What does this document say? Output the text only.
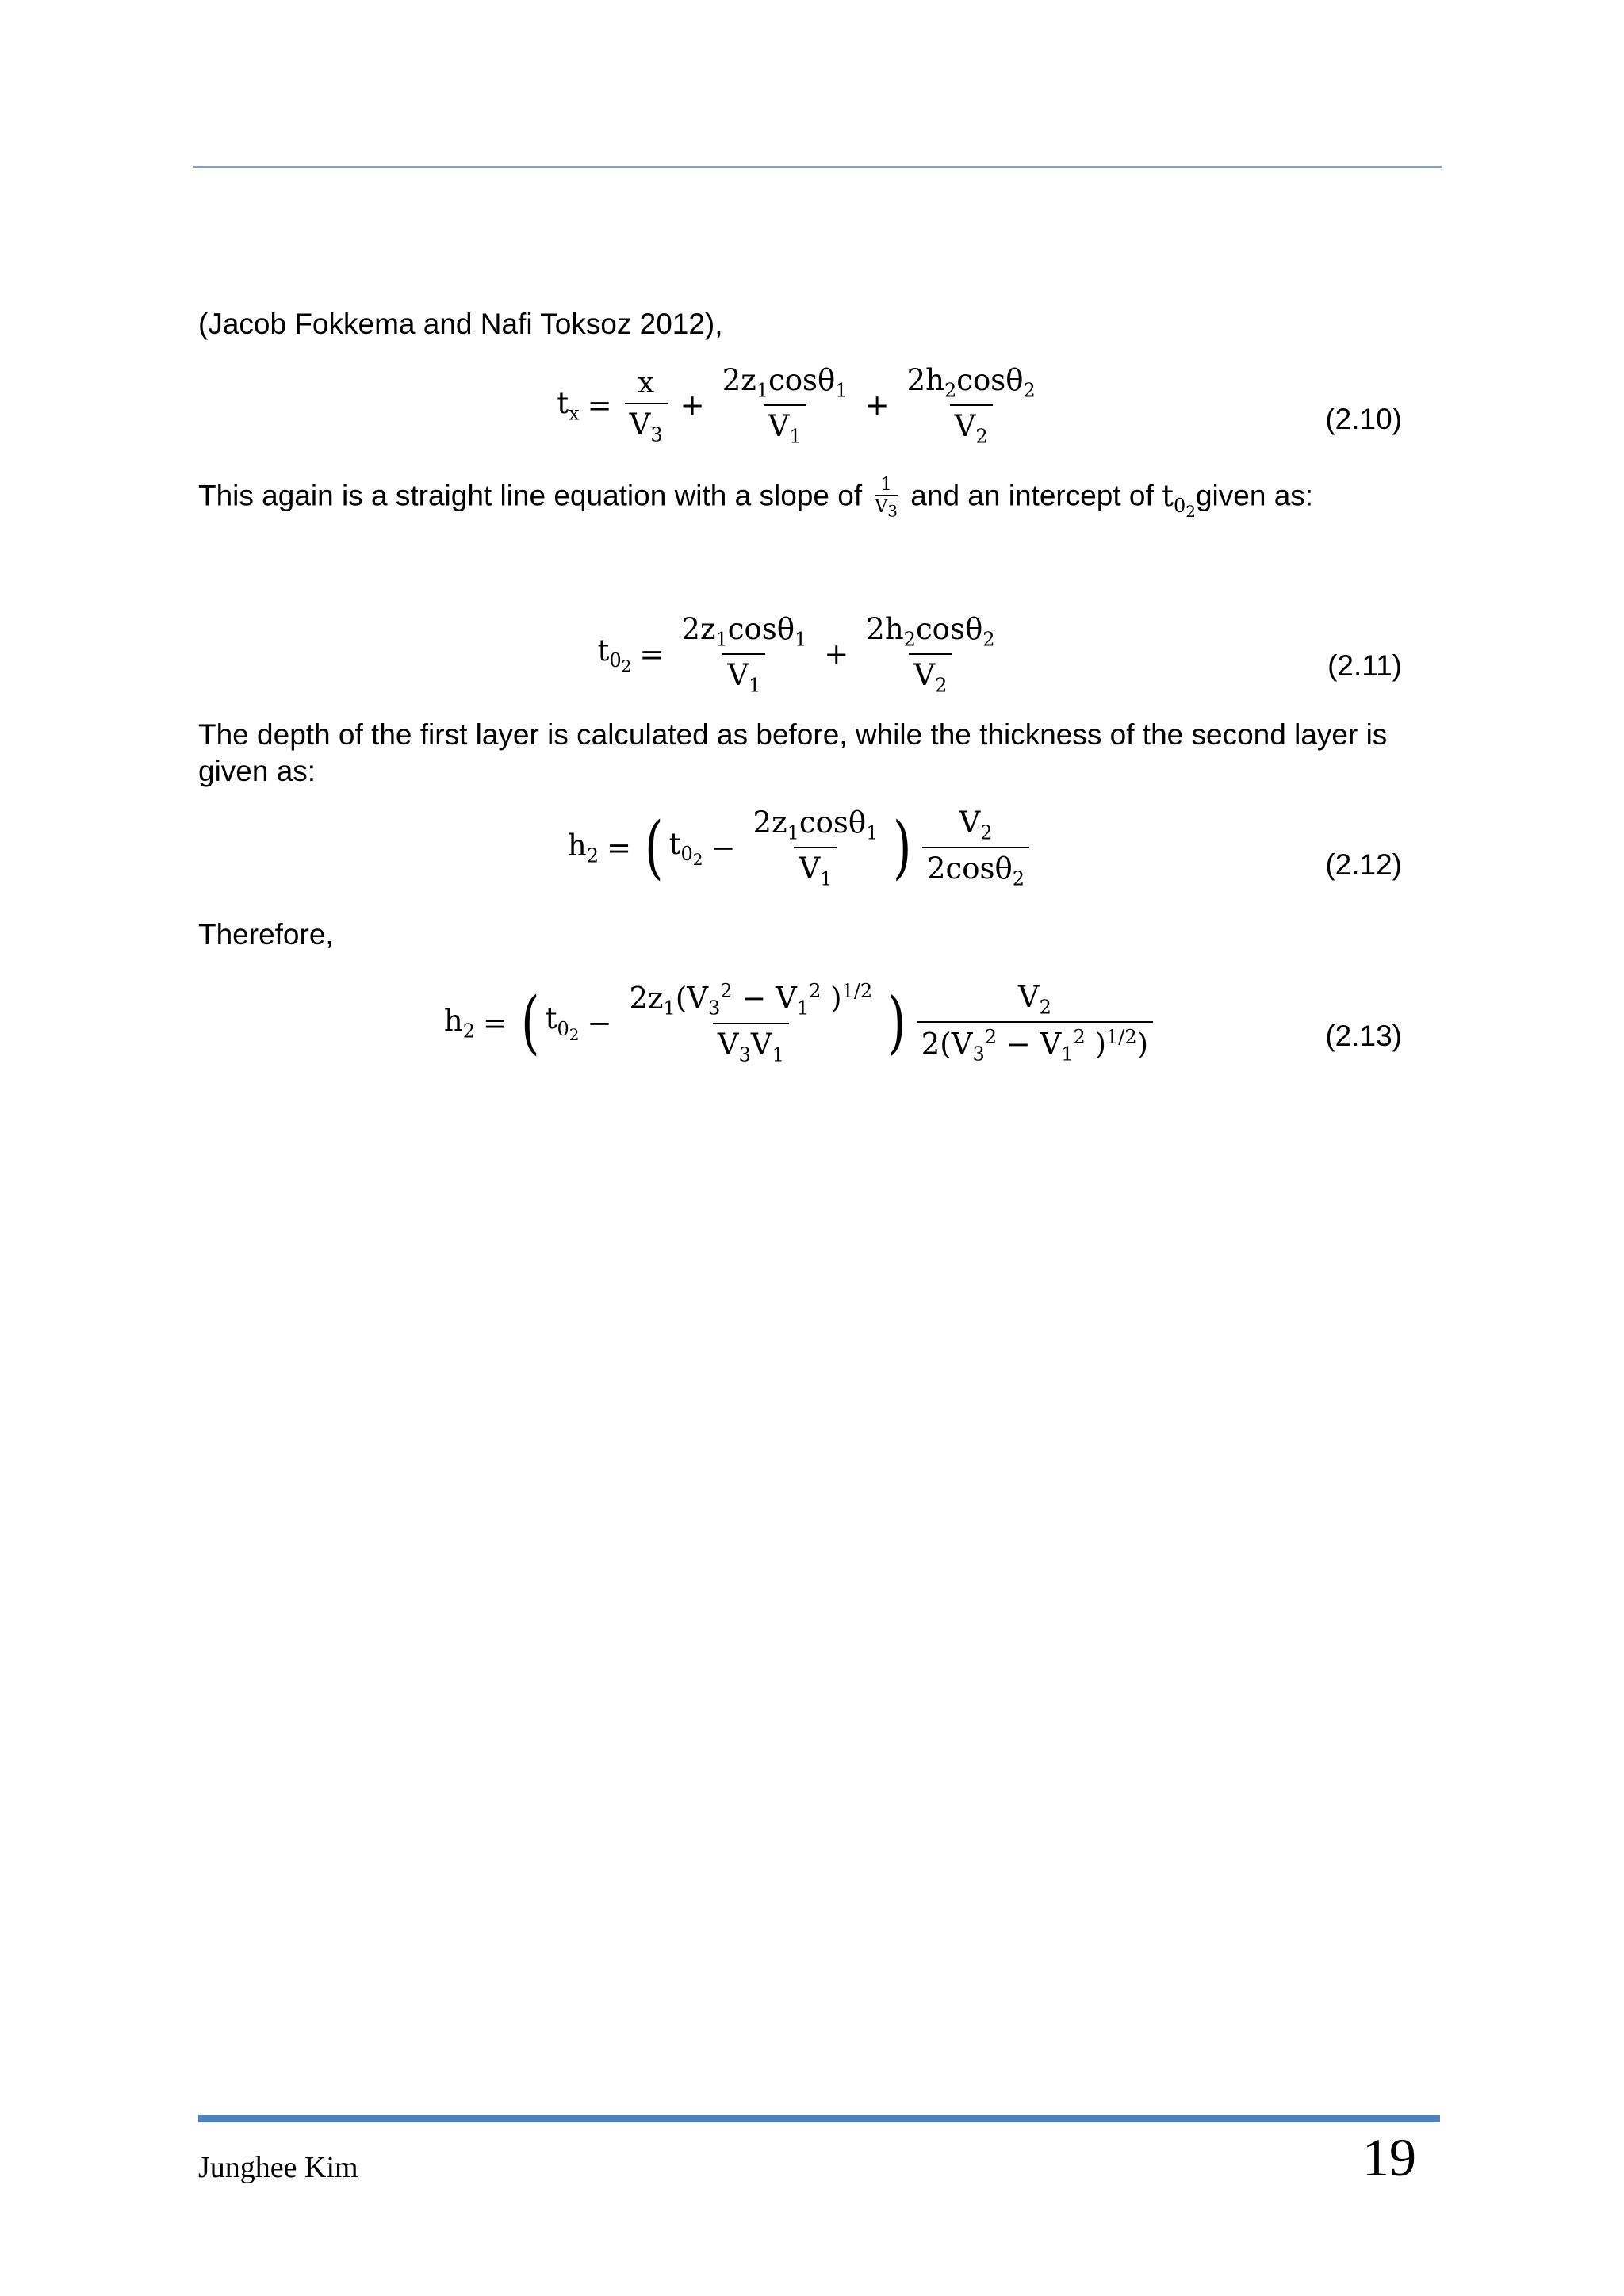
(Jacob Fokkema and Nafi Toksoz 2012),
$t_x = \frac{x}{V_3} + \frac{2z_1\cos\theta_1}{V_1} + \frac{2h_2\cos\theta_2}{V_2}$	(2.10)
This again is a straight line equation with a slope of $\frac{1}{V_3}$ and an intercept of $t_{0_2}given$ as:
$t_{0_2} = \frac{2z_1\cos\theta_1}{V_1} + \frac{2h_2\cos\theta_2}{V_2}$	(2.11)
The depth of the first layer is calculated as before, while the thickness of the second layer is given as:
$h_2$ = ( $t_{0_2} - \frac{2z_1\cos\theta_1}{V_1}$ ) $\frac{V_2}{2\cos\theta_2}$	(2.12)
Therefore,
$h_2$ = ( $t_{0_2} - \frac{2z_1(V_3^2 - V_1^2 )^{1/2}}{V_3V_1}$ ) $\frac{V_2}{2(V_3^2 - V_1^2 )^{1/2})}$	(2.13)
Junghee Kim	19
